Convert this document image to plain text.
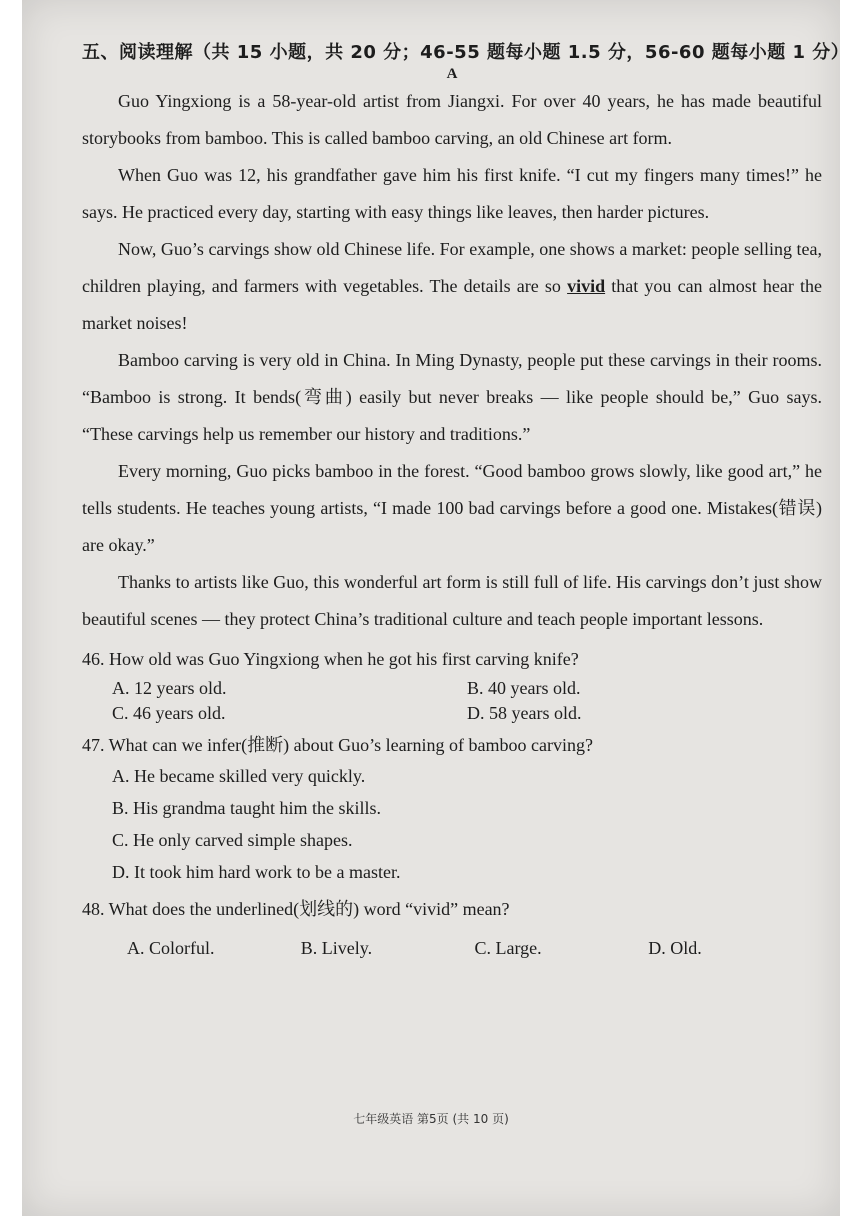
五、阅读理解（共 15 小题，共 20 分；46-55 题每小题 1.5 分，56-60 题每小题 1 分）

A

Guo Yingxiong is a 58-year-old artist from Jiangxi. For over 40 years, he has made beautiful storybooks from bamboo. This is called bamboo carving, an old Chinese art form.

When Guo was 12, his grandfather gave him his first knife. “I cut my fingers many times!” he says. He practiced every day, starting with easy things like leaves, then harder pictures.

Now, Guo’s carvings show old Chinese life. For example, one shows a market: people selling tea, children playing, and farmers with vegetables. The details are so vivid that you can almost hear the market noises!

Bamboo carving is very old in China. In Ming Dynasty, people put these carvings in their rooms. “Bamboo is strong. It bends(弯曲) easily but never breaks — like people should be,” Guo says. “These carvings help us remember our history and traditions.”

Every morning, Guo picks bamboo in the forest. “Good bamboo grows slowly, like good art,” he tells students. He teaches young artists, “I made 100 bad carvings before a good one. Mistakes(错误) are okay.”

Thanks to artists like Guo, this wonderful art form is still full of life. His carvings don’t just show beautiful scenes — they protect China’s traditional culture and teach people important lessons.

46. How old was Guo Yingxiong when he got his first carving knife?

A. 12 years old.	B. 40 years old.
C. 46 years old.	D. 58 years old.

47. What can we infer(推断) about Guo’s learning of bamboo carving?

A. He became skilled very quickly.
B. His grandma taught him the skills.
C. He only carved simple shapes.
D. It took him hard work to be a master.

48. What does the underlined(划线的) word “vivid” mean?

A. Colorful.	B. Lively.	C. Large.	D. Old.
七年级英语 第5页 (共 10 页)
